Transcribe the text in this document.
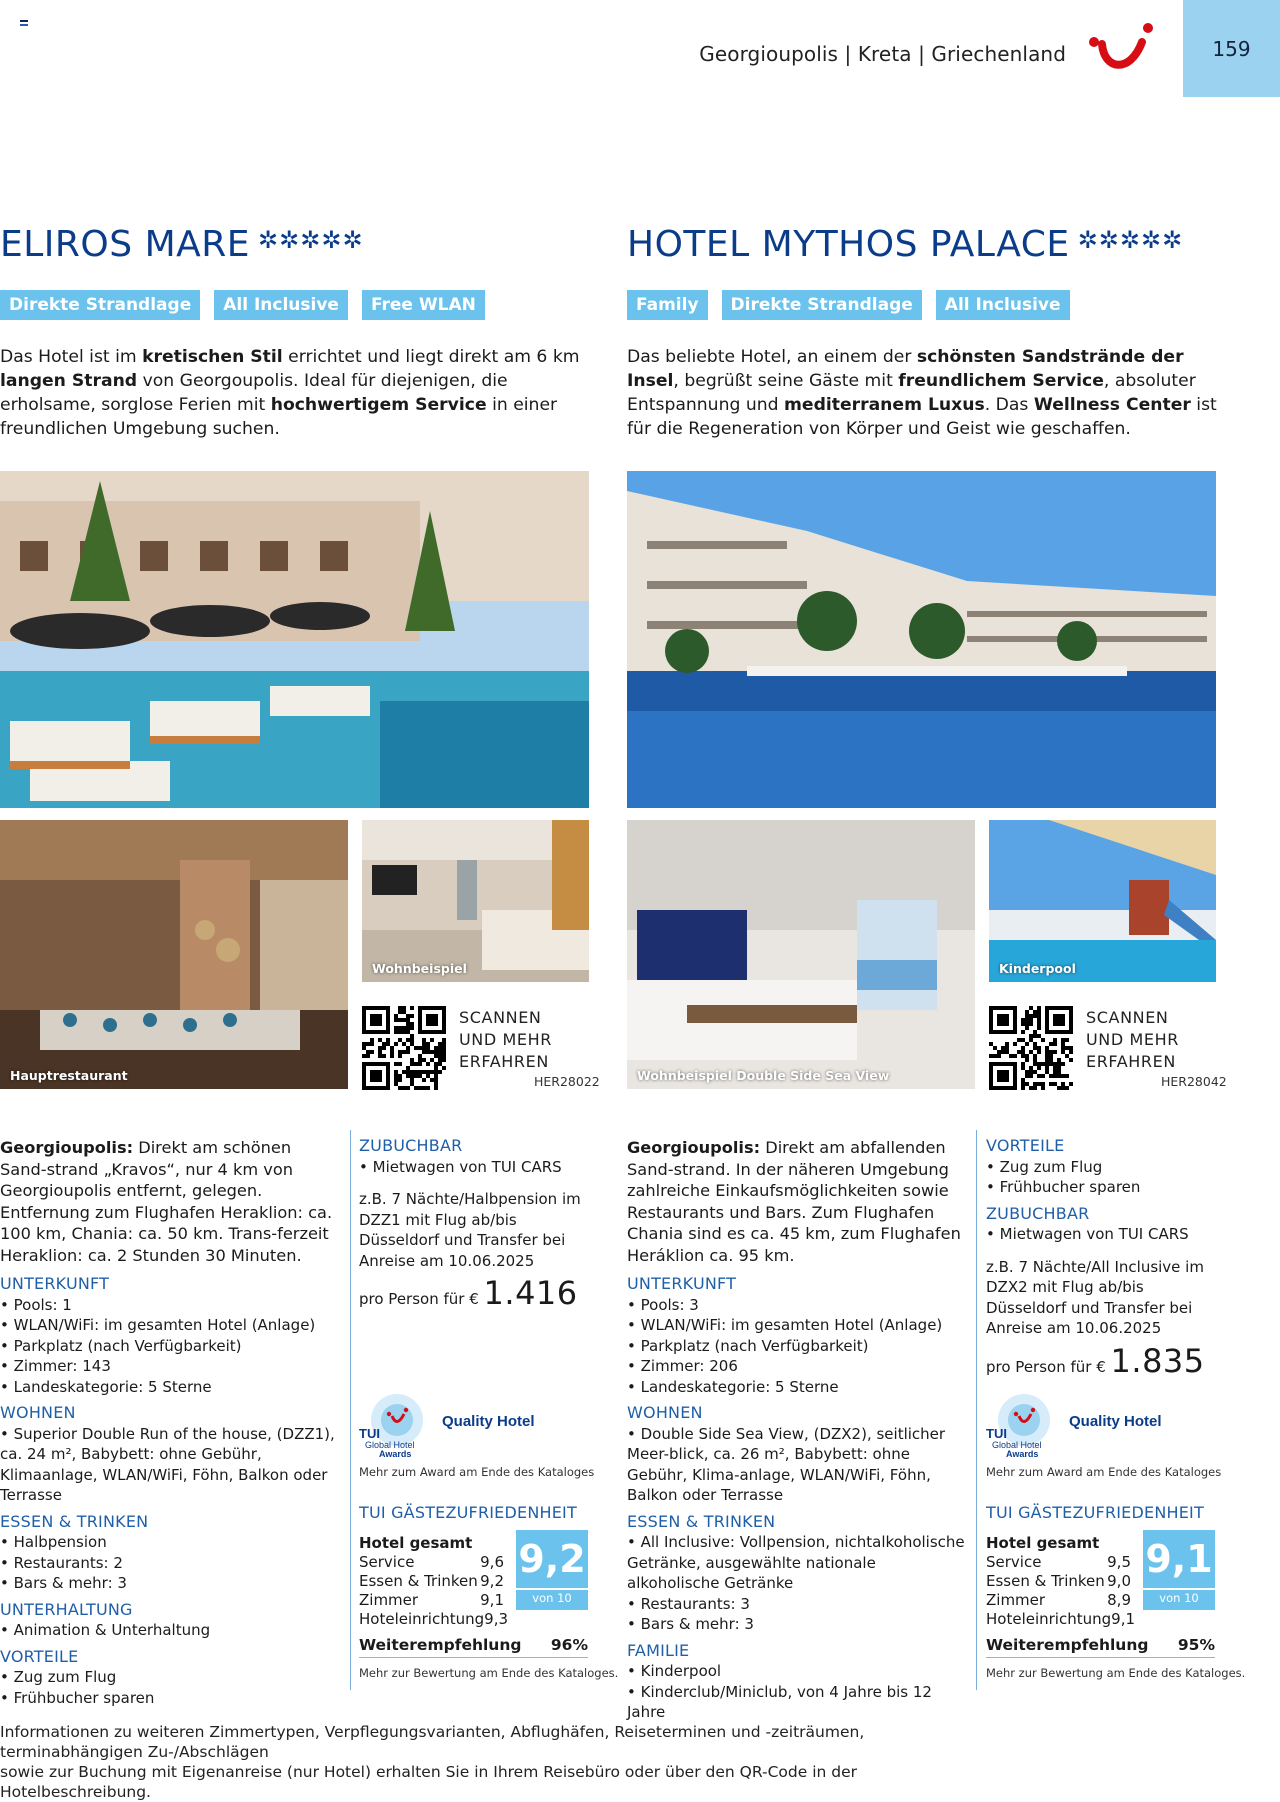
Georgioupolis | Kreta | Griechenland	159
ELIROS MARE ✲✲✲✲✲
Direkte Strandlage	All Inclusive	Free WLAN

Das Hotel ist im kretischen Stil errichtet und liegt direkt am 6 km langen Strand von Georgoupolis. Ideal für diejenigen, die erholsame, sorglose Ferien mit hochwertigem Service in einer freundlichen Umgebung suchen.

Hauptrestaurant
Wohnbeispiel
SCANNEN
UND MEHR
ERFAHREN
HER28022

Georgioupolis: Direkt am schönen Sand-strand „Kravos“, nur 4 km von Georgioupolis entfernt, gelegen. Entfernung zum Flughafen Heraklion: ca. 100 km, Chania: ca. 50 km. Trans-ferzeit Heraklion: ca. 2 Stunden 30 Minuten.

UNTERKUNFT
• Pools: 1
• WLAN/WiFi: im gesamten Hotel (Anlage)
• Parkplatz (nach Verfügbarkeit)
• Zimmer: 143
• Landeskategorie: 5 Sterne
WOHNEN
• Superior Double Run of the house, (DZZ1), ca. 24 m², Babybett: ohne Gebühr, Klimaanlage, WLAN/WiFi, Föhn, Balkon oder Terrasse
ESSEN & TRINKEN
• Halbpension
• Restaurants: 2
• Bars & mehr: 3
UNTERHALTUNG
• Animation & Unterhaltung
VORTEILE
• Zug zum Flug
• Frühbucher sparen
ZUBUCHBAR
• Mietwagen von TUI CARS
z.B. 7 Nächte/Halbpension im DZZ1 mit Flug ab/bis Düsseldorf und Transfer bei Anreise am 10.06.2025
pro Person für € 1.416
TUI
Global Hotel
Awards
Quality Hotel
Mehr zum Award am Ende des Kataloges
TUI GÄSTEZUFRIEDENHEIT
Hotel gesamt
Service	9,6
Essen & Trinken 9,2
Zimmer	9,1
Hoteleinrichtung 9,3
9,2
von 10
Weiterempfehlung 96%
Mehr zur Bewertung am Ende des Kataloges.
HOTEL MYTHOS PALACE ✲✲✲✲✲
Family	Direkte Strandlage	All Inclusive

Das beliebte Hotel, an einem der schönsten Sandstrände der Insel, begrüßt seine Gäste mit freundlichem Service, absoluter Entspannung und mediterranem Luxus. Das Wellness Center ist für die Regeneration von Körper und Geist wie geschaffen.

Wohnbeispiel Double Side Sea View
Kinderpool
SCANNEN
UND MEHR
ERFAHREN
HER28042

Georgioupolis: Direkt am abfallenden Sand-strand. In der näheren Umgebung zahlreiche Einkaufsmöglichkeiten sowie Restaurants und Bars. Zum Flughafen Chania sind es ca. 45 km, zum Flughafen Heráklion ca. 95 km.

UNTERKUNFT
• Pools: 3
• WLAN/WiFi: im gesamten Hotel (Anlage)
• Parkplatz (nach Verfügbarkeit)
• Zimmer: 206
• Landeskategorie: 5 Sterne
WOHNEN
• Double Side Sea View, (DZX2), seitlicher Meer-blick, ca. 26 m², Babybett: ohne Gebühr, Klima-anlage, WLAN/WiFi, Föhn, Balkon oder Terrasse
ESSEN & TRINKEN
• All Inclusive: Vollpension, nichtalkoholische Getränke, ausgewählte nationale alkoholische Getränke
• Restaurants: 3
• Bars & mehr: 3
FAMILIE
• Kinderpool
• Kinderclub/Miniclub, von 4 Jahre bis 12 Jahre
VORTEILE
• Zug zum Flug
• Frühbucher sparen
ZUBUCHBAR
• Mietwagen von TUI CARS
z.B. 7 Nächte/All Inclusive im DZX2 mit Flug ab/bis Düsseldorf und Transfer bei Anreise am 10.06.2025
pro Person für € 1.835
TUI
Global Hotel
Awards
Quality Hotel
Mehr zum Award am Ende des Kataloges
TUI GÄSTEZUFRIEDENHEIT
Hotel gesamt
Service	9,5
Essen & Trinken 9,0
Zimmer	8,9
Hoteleinrichtung 9,1
9,1
von 10
Weiterempfehlung 95%
Mehr zur Bewertung am Ende des Kataloges.
Informationen zu weiteren Zimmertypen, Verpflegungsvarianten, Abflughäfen, Reiseterminen und -zeiträumen, terminabhängigen Zu-/Abschlägen
sowie zur Buchung mit Eigenanreise (nur Hotel) erhalten Sie in Ihrem Reisebüro oder über den QR-Code in der Hotelbeschreibung.
